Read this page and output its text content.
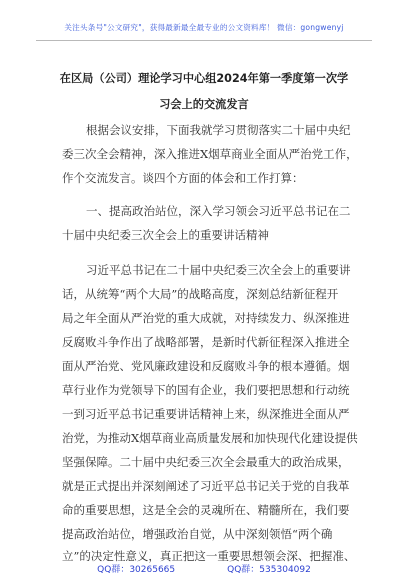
关注头条号"公文研究"，获得最新最全最专业的公文资料库！ 微信：gongwenyj
在区局（公司）理论学习中心组2024年第一季度第一次学
习会上的交流发言
根据会议安排，下面我就学习贯彻落实二十届中央纪
委三次全会精神，深入推进X烟草商业全面从严治党工作，
作个交流发言。谈四个方面的体会和工作打算：
一、提高政治站位，深入学习领会习近平总书记在二
十届中央纪委三次全会上的重要讲话精神
习近平总书记在二十届中央纪委三次全会上的重要讲
话，从统筹“两个大局”的战略高度，深刻总结新征程开
局之年全面从严治党的重大成就，对持续发力、纵深推进
反腐败斗争作出了战略部署，是新时代新征程深入推进全
面从严治党、党风廉政建设和反腐败斗争的根本遵循。烟
草行业作为党领导下的国有企业，我们要把思想和行动统
一到习近平总书记重要讲话精神上来，纵深推进全面从严
治党，为推动X烟草商业高质量发展和加快现代化建设提供
坚强保障。二十届中央纪委三次全会最重大的政治成果，
就是正式提出并深刻阐述了习近平总书记关于党的自我革
命的重要思想，这是全会的灵魂所在、精髓所在，我们要
提高政治站位，增强政治自觉，从中深刻领悟“两个确
立”的决定性意义，真正把这一重要思想领会深、把握准、
QQ群：30265665	QQ群：535304092
